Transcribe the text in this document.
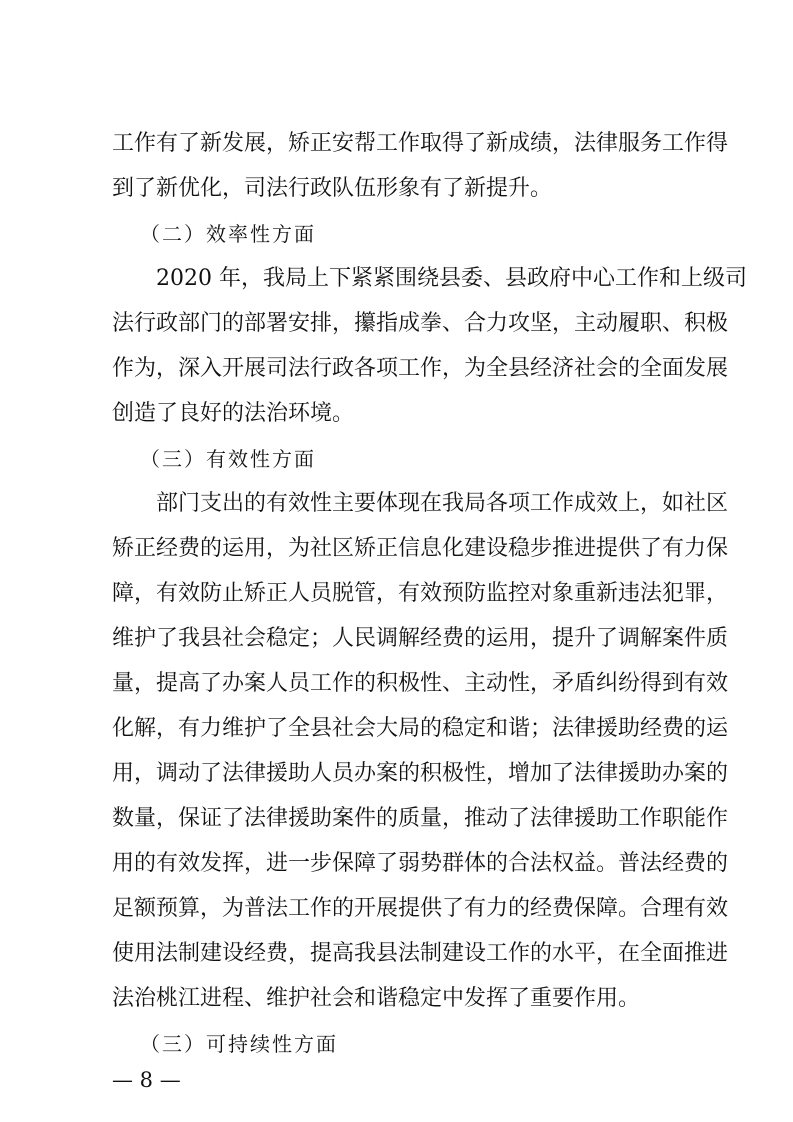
工作有了新发展，矫正安帮工作取得了新成绩，法律服务工作得
到了新优化，司法行政队伍形象有了新提升。
（二）效率性方面
2020 年，我局上下紧紧围绕县委、县政府中心工作和上级司
法行政部门的部署安排，攥指成拳、合力攻坚，主动履职、积极
作为，深入开展司法行政各项工作，为全县经济社会的全面发展
创造了良好的法治环境。
（三）有效性方面
部门支出的有效性主要体现在我局各项工作成效上，如社区
矫正经费的运用，为社区矫正信息化建设稳步推进提供了有力保
障，有效防止矫正人员脱管，有效预防监控对象重新违法犯罪，
维护了我县社会稳定；人民调解经费的运用，提升了调解案件质
量，提高了办案人员工作的积极性、主动性，矛盾纠纷得到有效
化解，有力维护了全县社会大局的稳定和谐；法律援助经费的运
用，调动了法律援助人员办案的积极性，增加了法律援助办案的
数量，保证了法律援助案件的质量，推动了法律援助工作职能作
用的有效发挥，进一步保障了弱势群体的合法权益。普法经费的
足额预算，为普法工作的开展提供了有力的经费保障。合理有效
使用法制建设经费，提高我县法制建设工作的水平，在全面推进
法治桃江进程、维护社会和谐稳定中发挥了重要作用。
（三）可持续性方面
— 8 —
